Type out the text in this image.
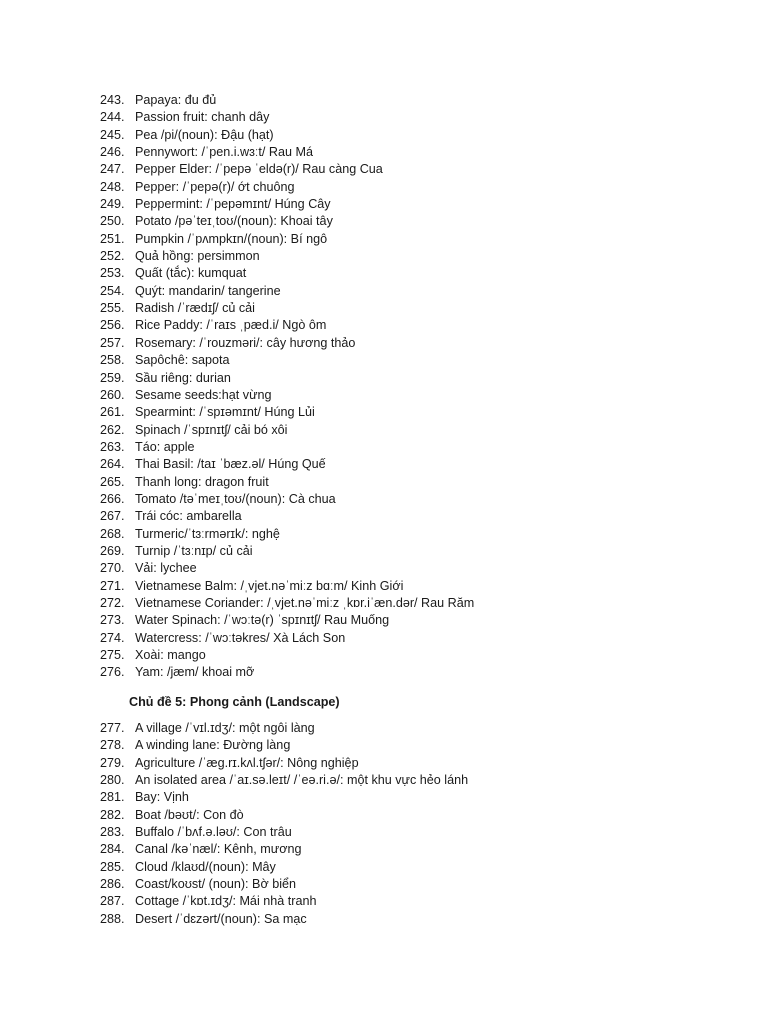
243. Papaya: đu đủ
244. Passion fruit: chanh dây
245. Pea /pi/(noun): Đậu (hạt)
246. Pennywort: /ˈpen.i.wɜːt/ Rau Má
247. Pepper Elder: /ˈpepə ˈeldə(r)/ Rau càng Cua
248. Pepper: /ˈpepə(r)/ ớt chuông
249. Peppermint: /ˈpepəmɪnt/ Húng Cây
250. Potato /pəˈteɪˌtoʊ/(noun): Khoai tây
251. Pumpkin /ˈpʌmpkɪn/(noun): Bí ngô
252. Quả hồng: persimmon
253. Quất (tắc): kumquat
254. Quýt: mandarin/ tangerine
255. Radish /ˈrædɪʃ/ củ cải
256. Rice Paddy: /ˈraɪs ˌpæd.i/ Ngò ôm
257. Rosemary: /ˈrouzməri/: cây hương thảo
258. Sapôchê: sapota
259. Sầu riêng: durian
260. Sesame seeds:hạt vừng
261. Spearmint: /ˈspɪəmɪnt/ Húng Lủi
262. Spinach /ˈspɪnɪtʃ/ cải bó xôi
263. Táo: apple
264. Thai Basil: /taɪ ˈbæz.əl/ Húng Quế
265. Thanh long: dragon fruit
266. Tomato /təˈmeɪˌtoʊ/(noun): Cà chua
267. Trái cóc: ambarella
268. Turmeric/ˈtɜːrmərɪk/: nghệ
269. Turnip /ˈtɜːnɪp/ củ cải
270. Vải: lychee
271. Vietnamese Balm: /ˌvjet.nəˈmiːz bɑːm/ Kinh Giới
272. Vietnamese Coriander: /ˌvjet.nəˈmiːz ˌkɒr.iˈæn.dər/ Rau Răm
273. Water Spinach: /ˈwɔːtə(r) ˈspɪnɪtʃ/ Rau Muống
274. Watercress: /ˈwɔːtəkres/ Xà Lách Son
275. Xoài: mango
276. Yam: /jæm/ khoai mỡ
Chủ đề 5: Phong cảnh (Landscape)
277. A village /ˈvɪl.ɪdʒ/: một ngôi làng
278. A winding lane: Đường làng
279. Agriculture /ˈæg.rɪ.kʌl.tʃər/: Nông nghiệp
280. An isolated area /ˈaɪ.sə.leɪt/ /ˈeə.ri.ə/: một khu vực hẻo lánh
281. Bay: Vịnh
282. Boat /bəʊt/: Con đò
283. Buffalo /ˈbʌf.ə.ləʊ/: Con trâu
284. Canal /kəˈnæl/: Kênh, mương
285. Cloud /klaʊd/(noun): Mây
286. Coast/koʊst/ (noun): Bờ biển
287. Cottage /ˈkɒt.ɪdʒ/: Mái nhà tranh
288. Desert /ˈdɛzərt/(noun): Sa mạc
